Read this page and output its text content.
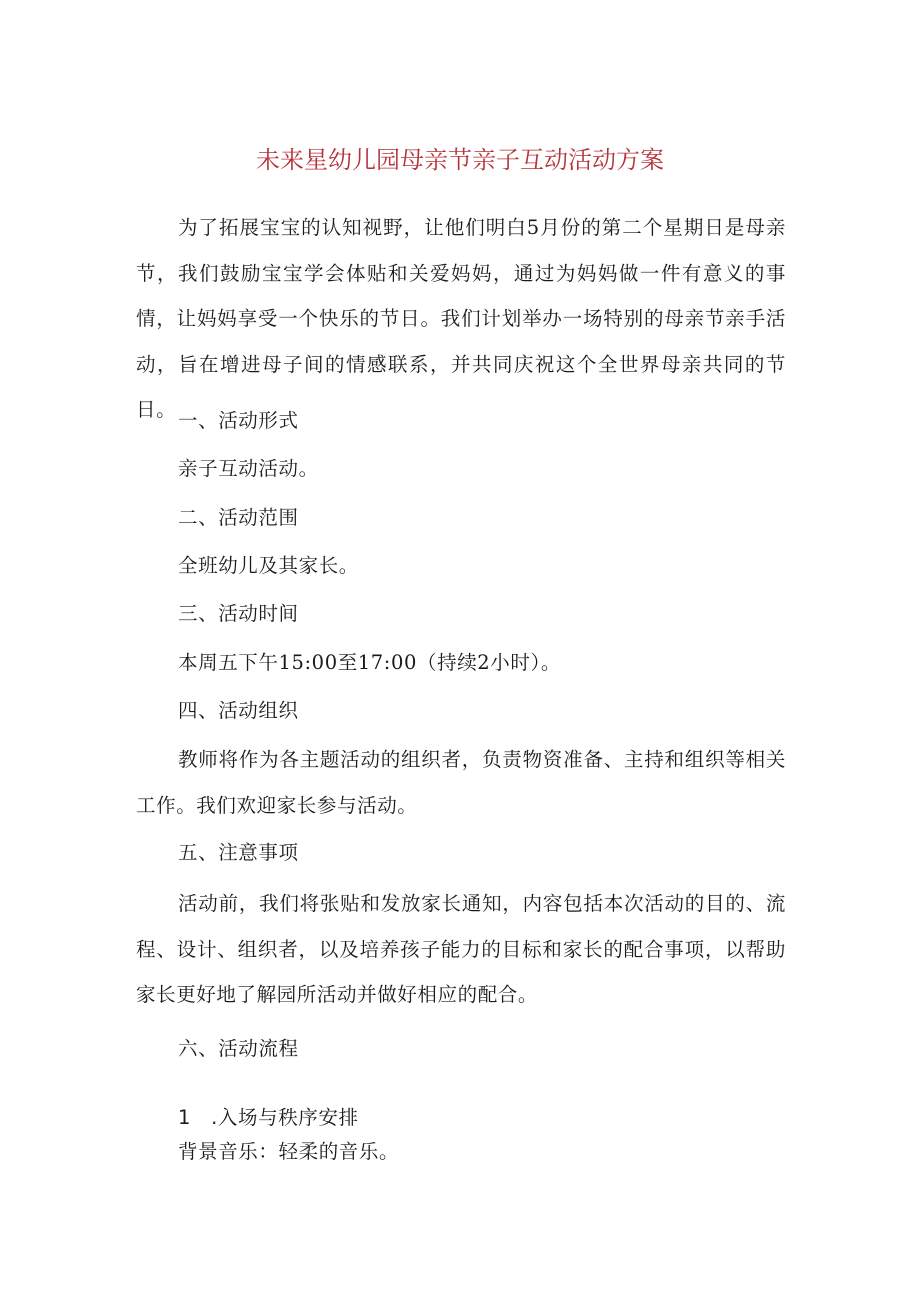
未来星幼儿园母亲节亲子互动活动方案
为了拓展宝宝的认知视野，让他们明白5月份的第二个星期日是母亲节，我们鼓励宝宝学会体贴和关爱妈妈，通过为妈妈做一件有意义的事情，让妈妈享受一个快乐的节日。我们计划举办一场特别的母亲节亲手活动，旨在增进母子间的情感联系，并共同庆祝这个全世界母亲共同的节日。 一、活动形式
亲子互动活动。
二、活动范围
全班幼儿及其家长。
三、活动时间
本周五下午15:00至17:00（持续2小时）。
四、活动组织
教师将作为各主题活动的组织者，负责物资准备、主持和组织等相关工作。我们欢迎家长参与活动。
五、注意事项
活动前，我们将张贴和发放家长通知，内容包括本次活动的目的、流程、设计、组织者，以及培养孩子能力的目标和家长的配合事项，以帮助家长更好地了解园所活动并做好相应的配合。
六、活动流程
1　.入场与秩序安排
背景音乐：轻柔的音乐。
